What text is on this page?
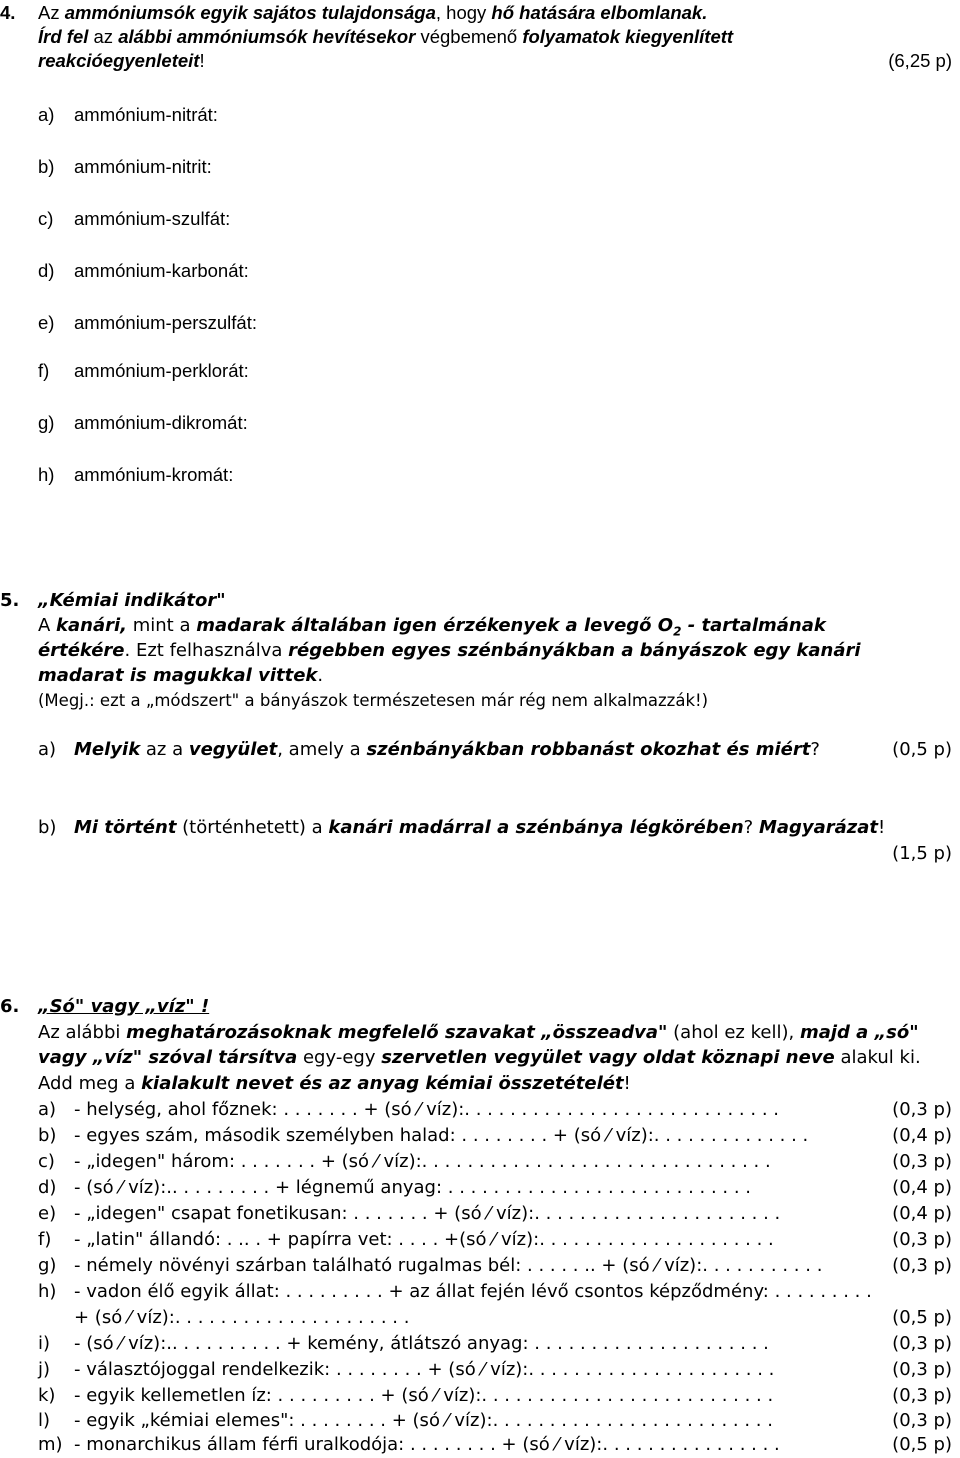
4. Az ammóniumsók egyik sajátos tulajdonsága, hogy hő hatására elbomlanak.
Írd fel az alábbi ammóniumsók hevítésekor végbemenő folyamatok kiegyenlített
reakcióegyenleteit!	(6,25 p)
a) ammónium-nitrát:
b) ammónium-nitrit:
c) ammónium-szulfát:
d) ammónium-karbonát:
e) ammónium-perszulfát:
f) ammónium-perklorát:
g) ammónium-dikromát:
h) ammónium-kromát:
5. „Kémiai indikátor"
A kanári, mint a madarak általában igen érzékenyek a levegő $O_2$ - tartalmának
értékére. Ezt felhasználva régebben egyes szénbányákban a bányászok egy kanári
madarat is magukkal vittek.
(Megj.: ezt a „módszert" a bányászok természetesen már rég nem alkalmazzák!)
a) Melyik az a vegyület, amely a szénbányákban robbanást okozhat és miért?	(0,5 p)
b) Mi történt (történhetett) a kanári madárral a szénbánya légkörében? Magyarázat!
(1,5 p)
6. „Só" vagy „víz" !
Az alábbi meghatározásoknak megfelelő szavakat „összeadva" (ahol ez kell), majd a „só"
vagy „víz" szóval társítva egy-egy szervetlen vegyület vagy oldat köznapi neve alakul ki.
Add meg a kialakult nevet és az anyag kémiai összetételét!
a) - helység, ahol főznek: . . . . . . . + (só ⁄ víz):. . . . . . . . . . . . . . . . . . . . . . . . . . . .	(0,3 p)
b) - egyes szám, második személyben halad: . . . . . . . . + (só ⁄ víz):. . . . . . . . . . . . . .	(0,4 p)
c) - „idegen" három: . . . . . . . + (só ⁄ víz):. . . . . . . . . . . . . . . . . . . . . . . . . . . . . . .	(0,3 p)
d) - (só ⁄ víz):.. . . . . . . . . + légnemű anyag: . . . . . . . . . . . . . . . . . . . . . . . . . . .	(0,4 p)
e) - „idegen" csapat fonetikusan: . . . . . . . + (só ⁄ víz):. . . . . . . . . . . . . . . . . . . . . .	(0,4 p)
f) - „latin" állandó: . .. . + papírra vet: . . . . +(só ⁄ víz):. . . . . . . . . . . . . . . . . . . . .	(0,3 p)
g) - némely növényi szárban található rugalmas bél: . . . . . .. + (só ⁄ víz):. . . . . . . . . . .	(0,3 p)
h) - vadon élő egyik állat: . . . . . . . . . + az állat fején lévő csontos képződmény: . . . . . . . . .
+ (só ⁄ víz):. . . . . . . . . . . . . . . . . . . . .	(0,5 p)
i) - (só ⁄ víz):.. . . . . . . . . . + kemény, átlátszó anyag: . . . . . . . . . . . . . . . . . . . . .	(0,3 p)
j) - választójoggal rendelkezik: . . . . . . . . + (só ⁄ víz):. . . . . . . . . . . . . . . . . . . . . .	(0,3 p)
k) - egyik kellemetlen íz: . . . . . . . . . + (só ⁄ víz):. . . . . . . . . . . . . . . . . . . . . . . . . .	(0,3 p)
l) - egyik „kémiai elemes": . . . . . . . . + (só ⁄ víz):. . . . . . . . . . . . . . . . . . . . . . . . .	(0,3 p)
m) - monarchikus állam férfi uralkodója: . . . . . . . . + (só ⁄ víz):. . . . . . . . . . . . . . . .	(0,5 p)
